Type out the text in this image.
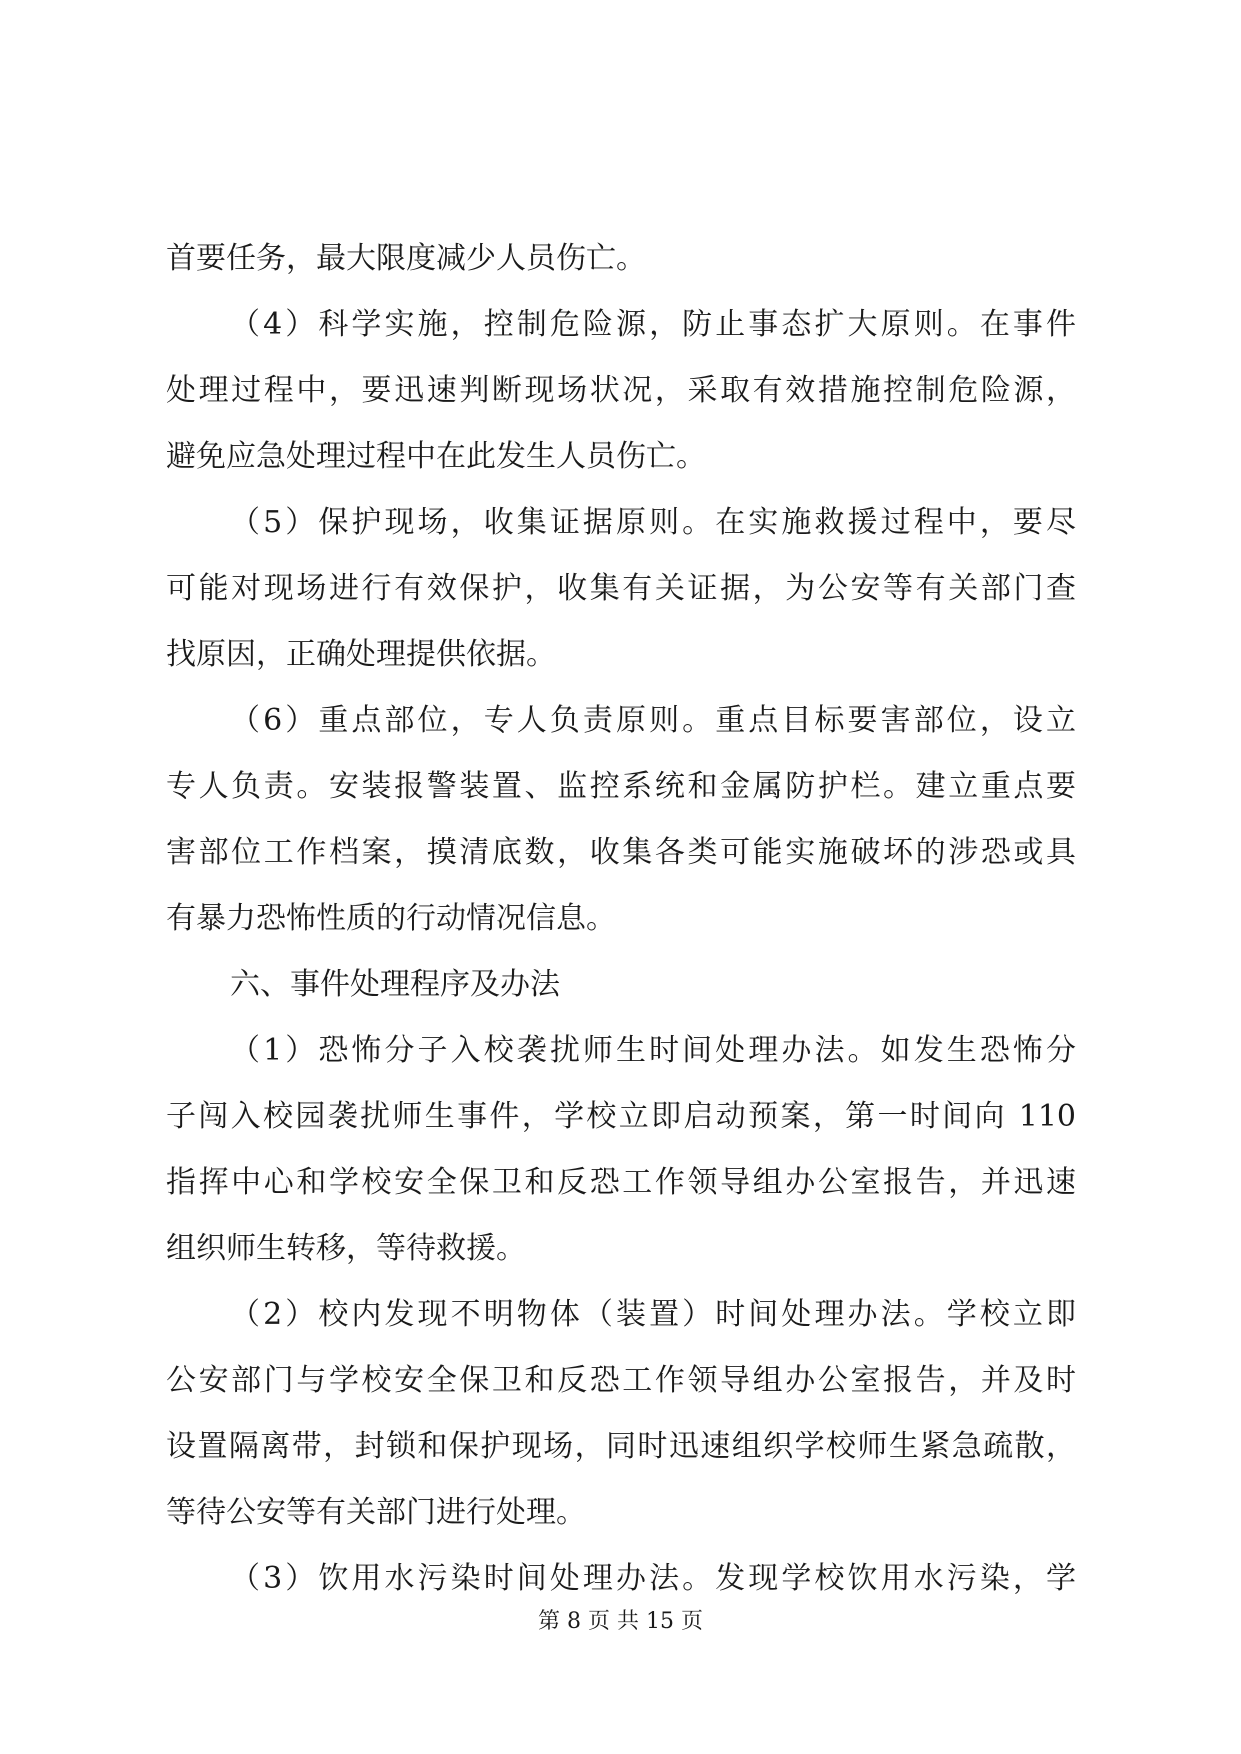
首要任务，最大限度减少人员伤亡。
（4）科学实施，控制危险源，防止事态扩大原则。在事件
处理过程中，要迅速判断现场状况，采取有效措施控制危险源，
避免应急处理过程中在此发生人员伤亡。
（5）保护现场，收集证据原则。在实施救援过程中，要尽
可能对现场进行有效保护，收集有关证据，为公安等有关部门查
找原因，正确处理提供依据。
（6）重点部位，专人负责原则。重点目标要害部位，设立
专人负责。安装报警装置、监控系统和金属防护栏。建立重点要
害部位工作档案，摸清底数，收集各类可能实施破坏的涉恐或具
有暴力恐怖性质的行动情况信息。
六、事件处理程序及办法
（1）恐怖分子入校袭扰师生时间处理办法。如发生恐怖分
子闯入校园袭扰师生事件，学校立即启动预案，第一时间向 110
指挥中心和学校安全保卫和反恐工作领导组办公室报告，并迅速
组织师生转移，等待救援。
（2）校内发现不明物体（装置）时间处理办法。学校立即
公安部门与学校安全保卫和反恐工作领导组办公室报告，并及时
设置隔离带，封锁和保护现场，同时迅速组织学校师生紧急疏散，
等待公安等有关部门进行处理。
（3）饮用水污染时间处理办法。发现学校饮用水污染，学
第 8 页 共 15 页
